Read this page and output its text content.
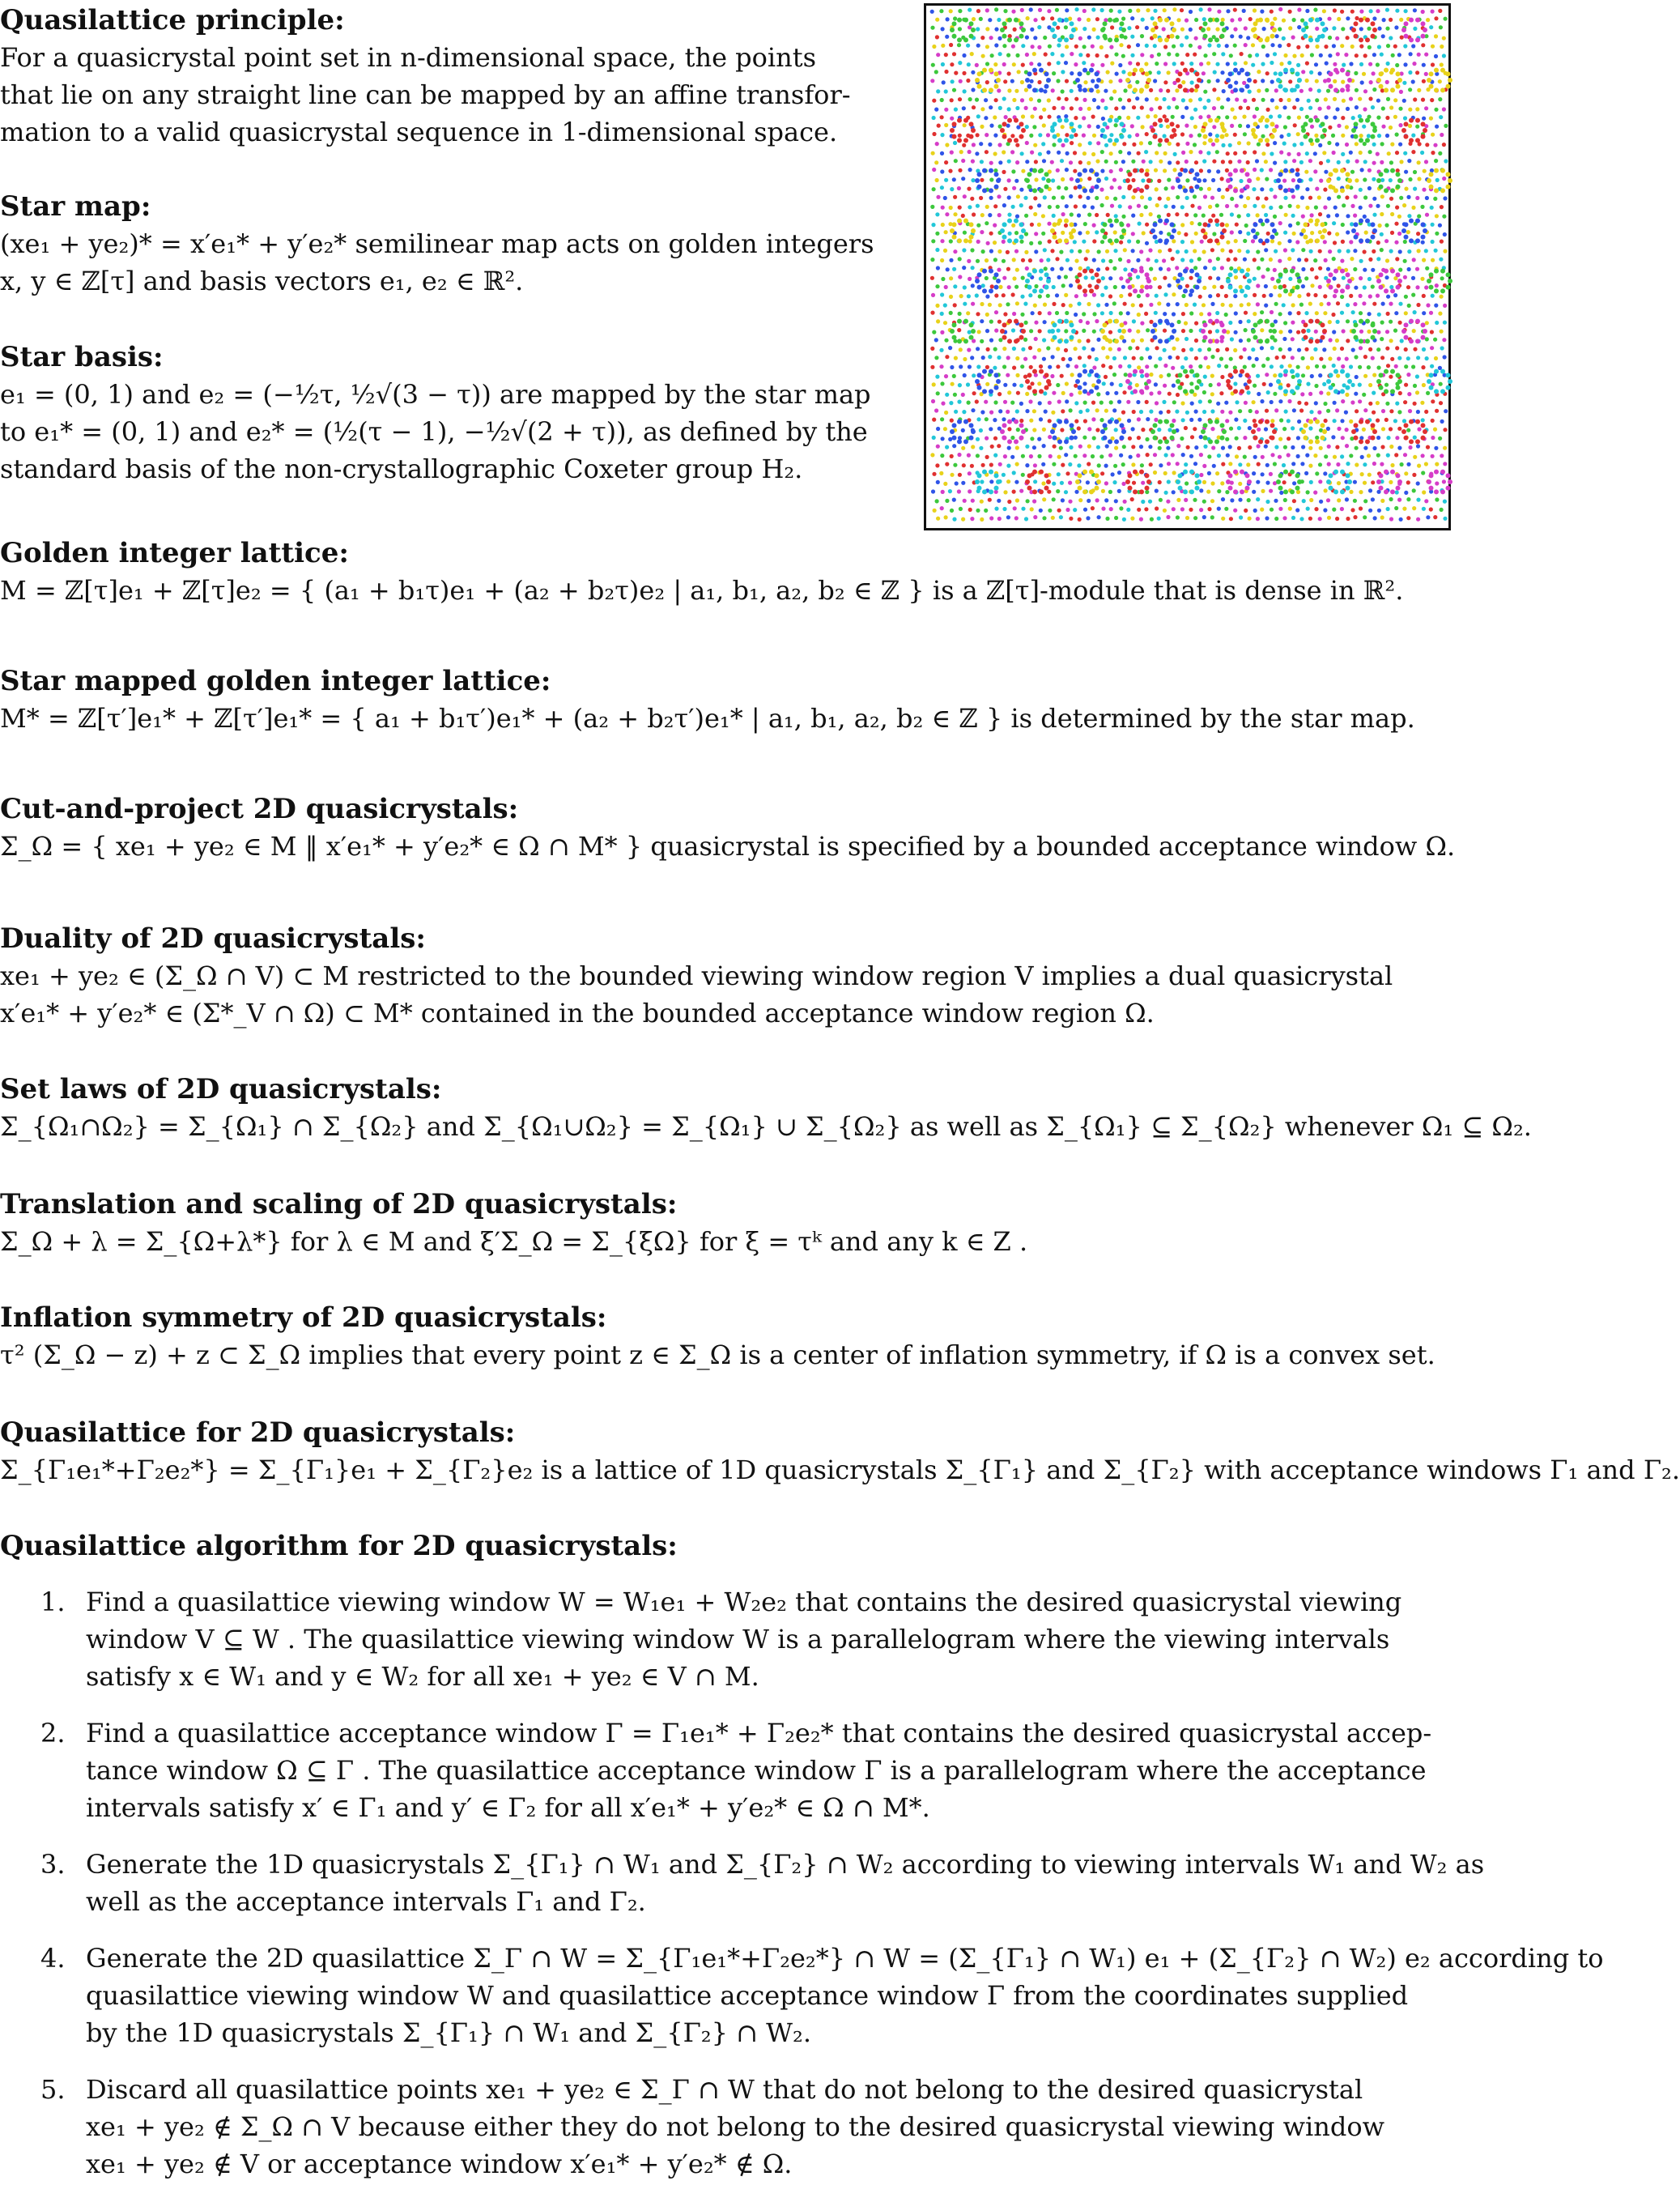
Quasilattice principle:
For a quasicrystal point set in n-dimensional space, the points
that lie on any straight line can be mapped by an affine transfor-
mation to a valid quasicrystal sequence in 1-dimensional space.
Star map:
(xe₁ + ye₂)* = x′e₁* + y′e₂* semilinear map acts on golden integers
x, y ∈ ℤ[τ] and basis vectors e₁, e₂ ∈ ℝ².
Star basis:
e₁ = (0, 1) and e₂ = (−½τ, ½√(3 − τ)) are mapped by the star map
to e₁* = (0, 1) and e₂* = (½(τ − 1), −½√(2 + τ)), as defined by the
standard basis of the non-crystallographic Coxeter group H₂.
Golden integer lattice:
M = ℤ[τ]e₁ + ℤ[τ]e₂ = { (a₁ + b₁τ)e₁ + (a₂ + b₂τ)e₂ | a₁, b₁, a₂, b₂ ∈ ℤ } is a ℤ[τ]-module that is dense in ℝ².
Star mapped golden integer lattice:
M* = ℤ[τ′]e₁* + ℤ[τ′]e₁* = { a₁ + b₁τ′)e₁* + (a₂ + b₂τ′)e₁* | a₁, b₁, a₂, b₂ ∈ ℤ } is determined by the star map.
Cut-and-project 2D quasicrystals:
Σ_Ω = { xe₁ + ye₂ ∈ M ‖ x′e₁* + y′e₂* ∈ Ω ∩ M* } quasicrystal is specified by a bounded acceptance window Ω.
Duality of 2D quasicrystals:
xe₁ + ye₂ ∈ (Σ_Ω ∩ V) ⊂ M restricted to the bounded viewing window region V implies a dual quasicrystal
x′e₁* + y′e₂* ∈ (Σ*_V ∩ Ω) ⊂ M* contained in the bounded acceptance window region Ω.
Set laws of 2D quasicrystals:
Σ_{Ω₁∩Ω₂} = Σ_{Ω₁} ∩ Σ_{Ω₂} and Σ_{Ω₁∪Ω₂} = Σ_{Ω₁} ∪ Σ_{Ω₂} as well as Σ_{Ω₁} ⊆ Σ_{Ω₂} whenever Ω₁ ⊆ Ω₂.
Translation and scaling of 2D quasicrystals:
Σ_Ω + λ = Σ_{Ω+λ*} for λ ∈ M and ξ′Σ_Ω = Σ_{ξΩ} for ξ = τᵏ and any k ∈ Z .
Inflation symmetry of 2D quasicrystals:
τ² (Σ_Ω − z) + z ⊂ Σ_Ω implies that every point z ∈ Σ_Ω is a center of inflation symmetry, if Ω is a convex set.
Quasilattice for 2D quasicrystals:
Σ_{Γ₁e₁*+Γ₂e₂*} = Σ_{Γ₁}e₁ + Σ_{Γ₂}e₂ is a lattice of 1D quasicrystals Σ_{Γ₁} and Σ_{Γ₂} with acceptance windows Γ₁ and Γ₂.
Quasilattice algorithm for 2D quasicrystals:
1. Find a quasilattice viewing window W = W₁e₁ + W₂e₂ that contains the desired quasicrystal viewing
window V ⊆ W . The quasilattice viewing window W is a parallelogram where the viewing intervals
satisfy x ∈ W₁ and y ∈ W₂ for all xe₁ + ye₂ ∈ V ∩ M.
2. Find a quasilattice acceptance window Γ = Γ₁e₁* + Γ₂e₂* that contains the desired quasicrystal accep-
tance window Ω ⊆ Γ . The quasilattice acceptance window Γ is a parallelogram where the acceptance
intervals satisfy x′ ∈ Γ₁ and y′ ∈ Γ₂ for all x′e₁* + y′e₂* ∈ Ω ∩ M*.
3. Generate the 1D quasicrystals Σ_{Γ₁} ∩ W₁ and Σ_{Γ₂} ∩ W₂ according to viewing intervals W₁ and W₂ as
well as the acceptance intervals Γ₁ and Γ₂.
4. Generate the 2D quasilattice Σ_Γ ∩ W = Σ_{Γ₁e₁*+Γ₂e₂*} ∩ W = (Σ_{Γ₁} ∩ W₁) e₁ + (Σ_{Γ₂} ∩ W₂) e₂ according to
quasilattice viewing window W and quasilattice acceptance window Γ from the coordinates supplied
by the 1D quasicrystals Σ_{Γ₁} ∩ W₁ and Σ_{Γ₂} ∩ W₂.
5. Discard all quasilattice points xe₁ + ye₂ ∈ Σ_Γ ∩ W that do not belong to the desired quasicrystal
xe₁ + ye₂ ∉ Σ_Ω ∩ V because either they do not belong to the desired quasicrystal viewing window
xe₁ + ye₂ ∉ V or acceptance window x′e₁* + y′e₂* ∉ Ω.
